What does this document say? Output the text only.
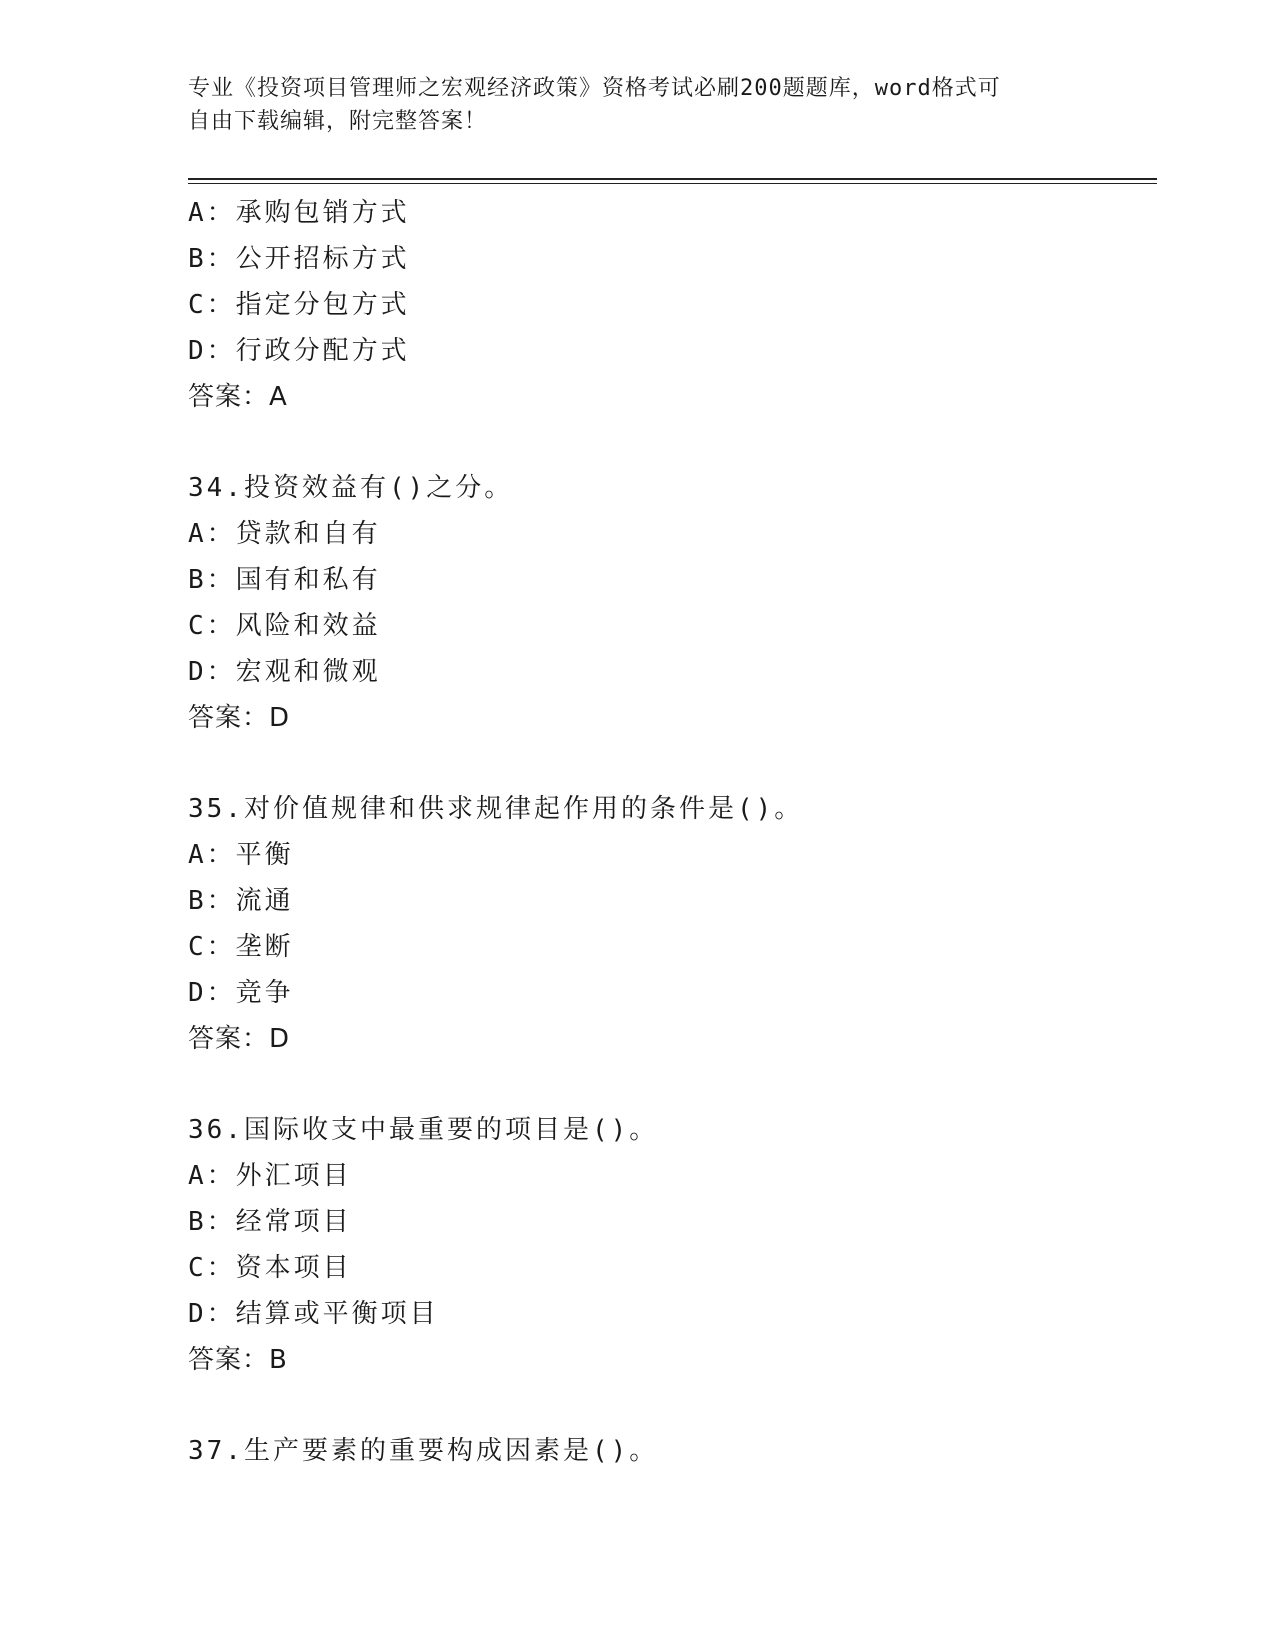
专业《投资项目管理师之宏观经济政策》资格考试必刷200题题库，word格式可
自由下载编辑，附完整答案！
A：承购包销方式
B：公开招标方式
C：指定分包方式
D：行政分配方式
答案：A
34.投资效益有()之分。
A：贷款和自有
B：国有和私有
C：风险和效益
D：宏观和微观
答案：D
35.对价值规律和供求规律起作用的条件是()。
A：平衡
B：流通
C：垄断
D：竞争
答案：D
36.国际收支中最重要的项目是()。
A：外汇项目
B：经常项目
C：资本项目
D：结算或平衡项目
答案：B
37.生产要素的重要构成因素是()。
